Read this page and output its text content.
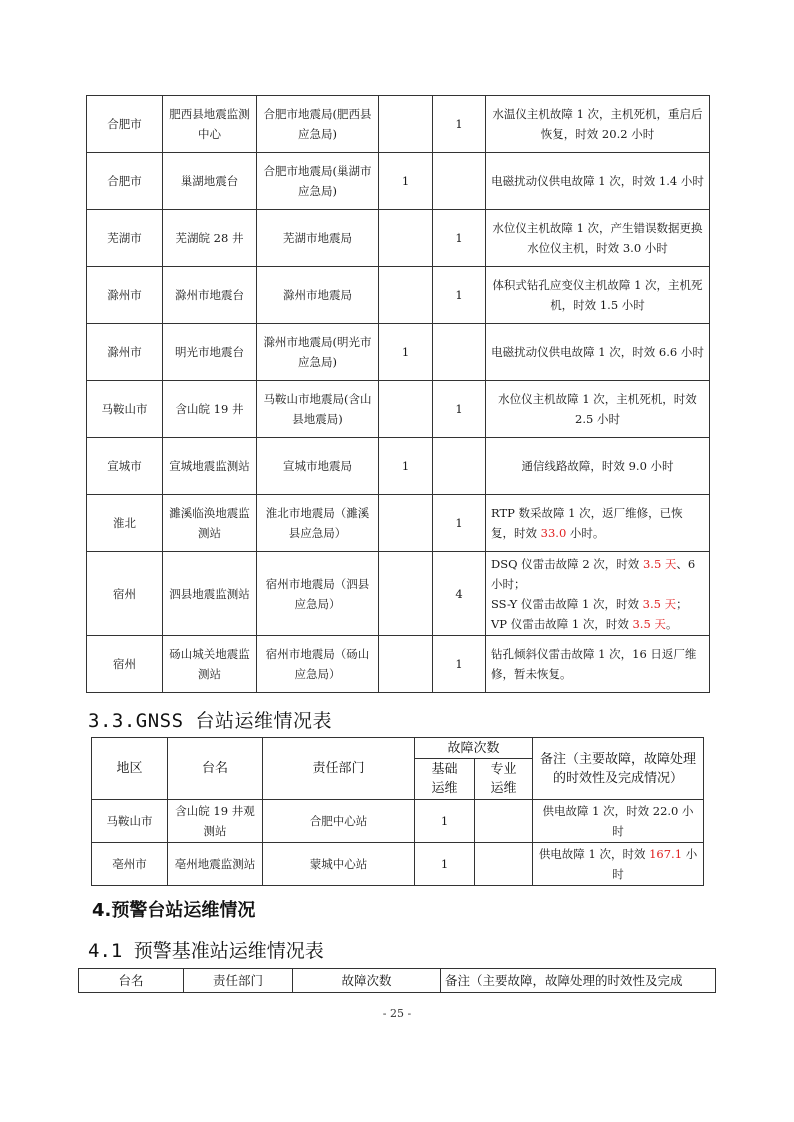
合肥市	肥西县地震监测中心	合肥市地震局(肥西县应急局)		1	水温仪主机故障 1 次，主机死机，重启后恢复，时效 20.2 小时
合肥市	巢湖地震台	合肥市地震局(巢湖市应急局)	1		电磁扰动仪供电故障 1 次，时效 1.4 小时
芜湖市	芜湖皖 28 井	芜湖市地震局		1	水位仪主机故障 1 次，产生错误数据更换水位仪主机，时效 3.0 小时
滁州市	滁州市地震台	滁州市地震局		1	体积式钻孔应变仪主机故障 1 次，主机死机，时效 1.5 小时
滁州市	明光市地震台	滁州市地震局(明光市应急局)	1		电磁扰动仪供电故障 1 次，时效 6.6 小时
马鞍山市	含山皖 19 井	马鞍山市地震局(含山县地震局)		1	水位仪主机故障 1 次，主机死机，时效 2.5 小时
宣城市	宣城地震监测站	宣城市地震局	1		通信线路故障，时效 9.0 小时
淮北	濉溪临涣地震监测站	淮北市地震局（濉溪县应急局）		1	RTP 数采故障 1 次，返厂维修，已恢复，时效 33.0 小时。
宿州	泗县地震监测站	宿州市地震局（泗县应急局）		4	DSQ 仪雷击故障 2 次，时效 3.5 天、6 小时；
SS-Y 仪雷击故障 1 次，时效 3.5 天；
VP 仪雷击故障 1 次，时效 3.5 天。
宿州	砀山城关地震监测站	宿州市地震局（砀山应急局）		1	钻孔倾斜仪雷击故障 1 次，16 日返厂维修，暂未恢复。
3.3.GNSS 台站运维情况表
地区	台名	责任部门	故障次数		备注（主要故障，故障处理的时效性及完成情况）
			基础运维	专业运维	
马鞍山市	含山皖 19 井观测站	合肥中心站	1		供电故障 1 次，时效 22.0 小时
亳州市	亳州地震监测站	蒙城中心站	1		供电故障 1 次，时效 167.1 小时
4.预警台站运维情况
4.1 预警基准站运维情况表
台名	责任部门	故障次数	备注（主要故障，故障处理的时效性及完成
- 25 -
